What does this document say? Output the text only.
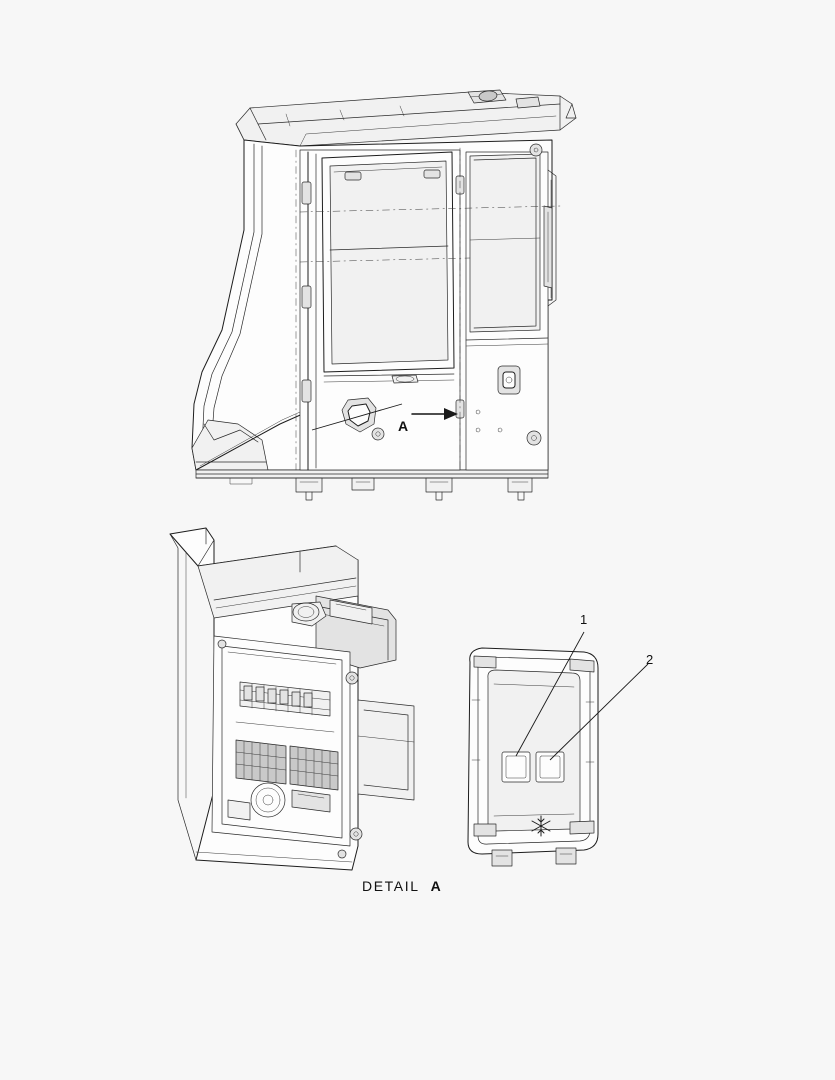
A
1
2
DETAIL A
